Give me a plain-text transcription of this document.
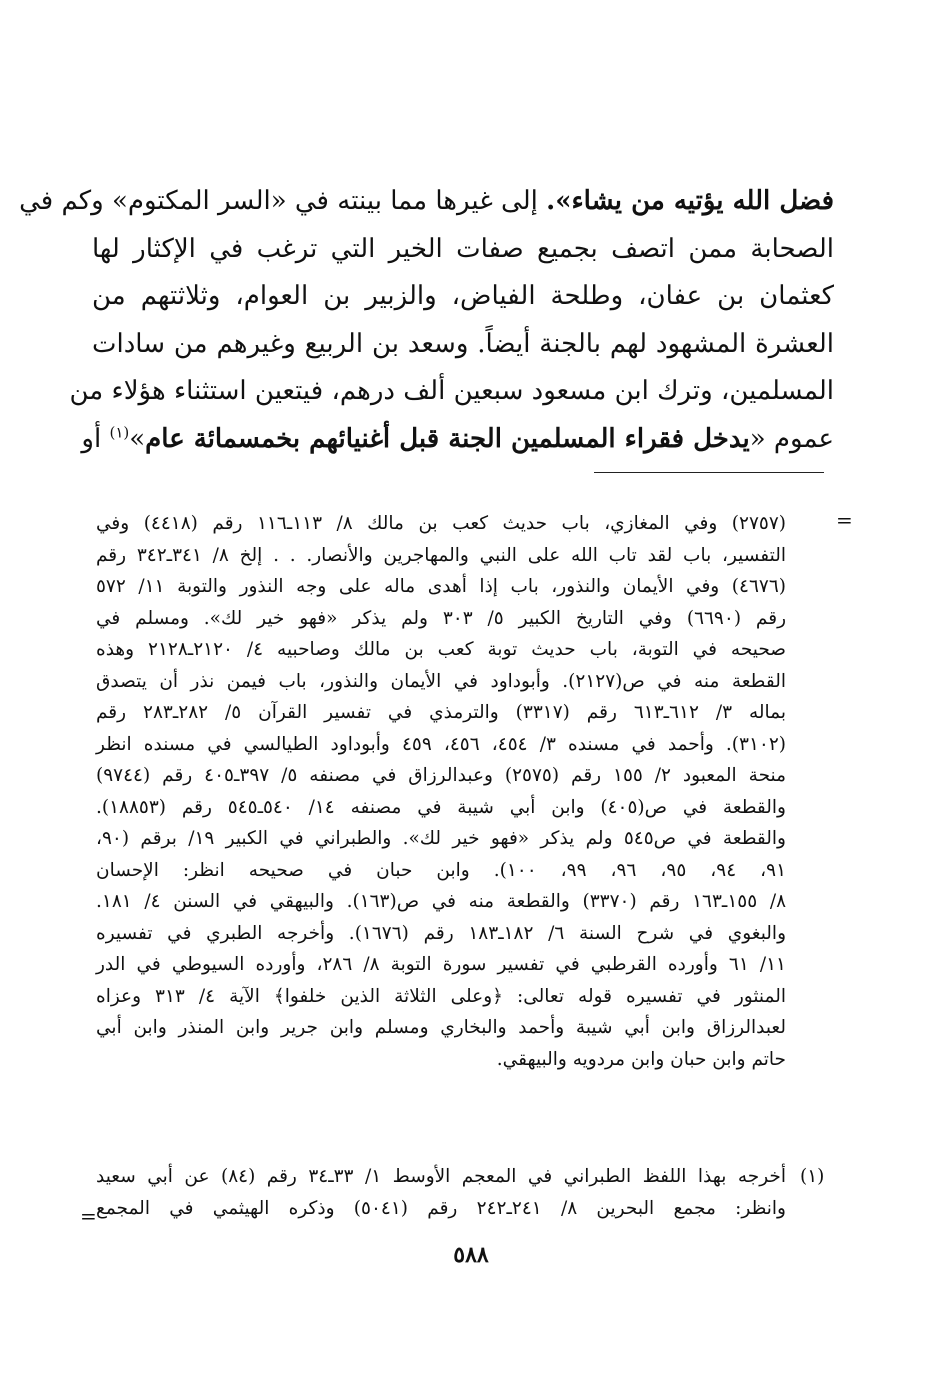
فضل الله يؤتيه من يشاء». إلى غيرها مما بينته في «السر المكتوم» وكم في
الصحابة ممن اتصف بجميع صفات الخير التي ترغب في الإكثار لها
كعثمان بن عفان، وطلحة الفياض، والزبير بن العوام، وثلاثتهم من
العشرة المشهود لهم بالجنة أيضاً. وسعد بن الربيع وغيرهم من سادات
المسلمين، وترك ابن مسعود سبعين ألف درهم، فيتعين استثناء هؤلاء من
عموم «يدخل فقراء المسلمين الجنة قبل أغنيائهم بخمسمائة عام»$^{(١)}$ أو
=
(٢٧٥٧) وفي المغازي، باب حديث كعب بن مالك ٨/ ١١٣ـ١١٦ رقم (٤٤١٨) وفي
التفسير، باب لقد تاب الله على النبي والمهاجرين والأنصار. . . إلخ ٨/ ٣٤١ـ٣٤٢ رقم
(٤٦٧٦) وفي الأيمان والنذور، باب إذا أهدى ماله على وجه النذور والتوبة ١١/ ٥٧٢
رقم (٦٦٩٠) وفي التاريخ الكبير ٥/ ٣٠٣ ولم يذكر «فهو خير لك». ومسلم في
صحيحه في التوبة، باب حديث توبة كعب بن مالك وصاحبيه ٤/ ٢١٢٠ـ٢١٢٨ وهذه
القطعة منه في ص(٢١٢٧). وأبوداود في الأيمان والنذور، باب فيمن نذر أن يتصدق
بماله ٣/ ٦١٢ـ٦١٣ رقم (٣٣١٧) والترمذي في تفسير القرآن ٥/ ٢٨٢ـ٢٨٣ رقم
(٣١٠٢). وأحمد في مسنده ٣/ ٤٥٤، ٤٥٦، ٤٥٩ وأبوداود الطيالسي في مسنده انظر
منحة المعبود ٢/ ١٥٥ رقم (٢٥٧٥) وعبدالرزاق في مصنفه ٥/ ٣٩٧ـ٤٠٥ رقم (٩٧٤٤)
والقطعة في ص(٤٠٥) وابن أبي شيبة في مصنفه ١٤/ ٥٤٠ـ٥٤٥ رقم (١٨٨٥٣).
والقطعة في ص٥٤٥ ولم يذكر «فهو خير لك». والطبراني في الكبير ١٩/ برقم (٩٠،
٩١، ٩٤، ٩٥، ٩٦، ٩٩، ١٠٠). وابن حبان في صحيحه انظر: الإحسان
٨/ ١٥٥ـ١٦٣ رقم (٣٣٧٠) والقطعة منه في ص(١٦٣). والبيهقي في السنن ٤/ ١٨١.
والبغوي في شرح السنة ٦/ ١٨٢ـ١٨٣ رقم (١٦٧٦). وأخرجه الطبري في تفسيره
١١/ ٦١ وأورده القرطبي في تفسير سورة التوبة ٨/ ٢٨٦، وأورده السيوطي في الدر
المنثور في تفسيره قوله تعالى: ﴿وعلى الثلاثة الذين خلفوا﴾ الآية ٤/ ٣١٣ وعزاه
لعبدالرزاق وابن أبي شيبة وأحمد والبخاري ومسلم وابن جرير وابن المنذر وابن أبي
حاتم وابن حبان وابن مردويه والبيهقي.
(١)
أخرجه بهذا اللفظ الطبراني في المعجم الأوسط ١/ ٣٣ـ٣٤ رقم (٨٤) عن أبي سعيد
وانظر: مجمع البحرين ٨/ ٢٤١ـ٢٤٢ رقم (٥٠٤١) وذكره الهيثمي في المجمع
=
٥٨٨
